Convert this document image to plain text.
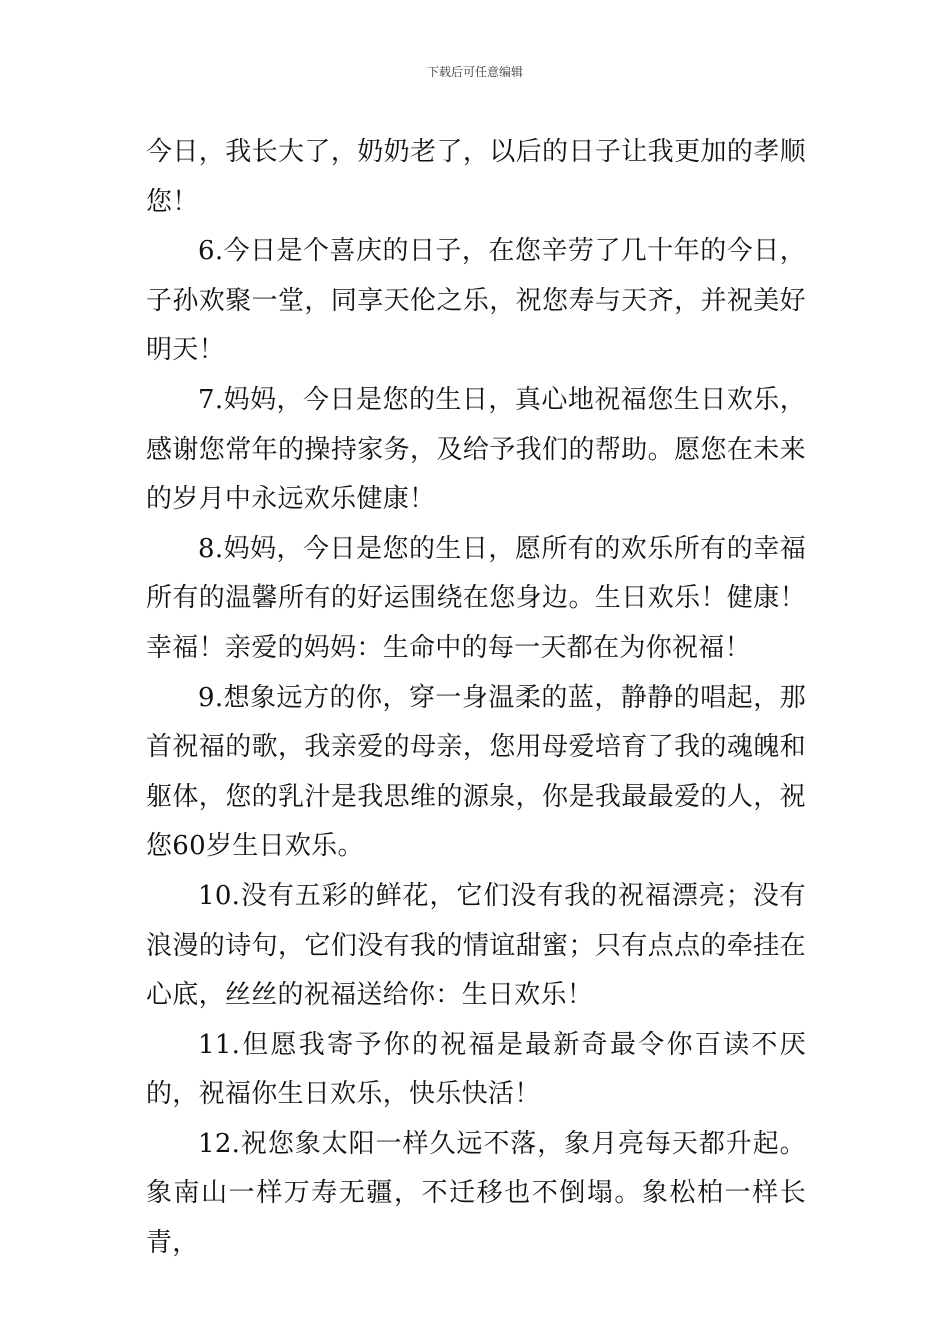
下载后可任意编辑

今日，我长大了，奶奶老了，以后的日子让我更加的孝顺您！

6.今日是个喜庆的日子，在您辛劳了几十年的今日，子孙欢聚一堂，同享天伦之乐，祝您寿与天齐，并祝美好明天！

7.妈妈，今日是您的生日，真心地祝福您生日欢乐，感谢您常年的操持家务，及给予我们的帮助。愿您在未来的岁月中永远欢乐健康！

8.妈妈，今日是您的生日，愿所有的欢乐所有的幸福所有的温馨所有的好运围绕在您身边。生日欢乐！健康！幸福！亲爱的妈妈：生命中的每一天都在为你祝福！

9.想象远方的你，穿一身温柔的蓝，静静的唱起，那首祝福的歌，我亲爱的母亲，您用母爱培育了我的魂魄和躯体，您的乳汁是我思维的源泉，你是我最最爱的人，祝您60岁生日欢乐。

10.没有五彩的鲜花，它们没有我的祝福漂亮；没有浪漫的诗句，它们没有我的情谊甜蜜；只有点点的牵挂在心底，丝丝的祝福送给你：生日欢乐！

11.但愿我寄予你的祝福是最新奇最令你百读不厌的，祝福你生日欢乐，快乐快活！

12.祝您象太阳一样久远不落，象月亮每天都升起。象南山一样万寿无疆，不迁移也不倒塌。象松柏一样长青，
